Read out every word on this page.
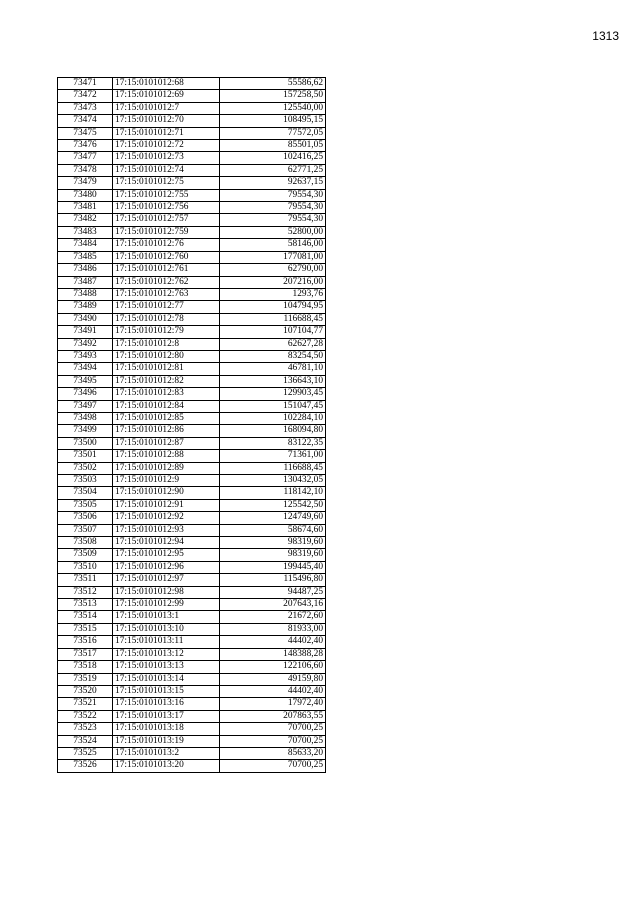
1313
73471	17:15:0101012:68	55586,62
73472	17:15:0101012:69	157258,50
73473	17:15:0101012:7	125540,00
73474	17:15:0101012:70	108495,15
73475	17:15:0101012:71	77572,05
73476	17:15:0101012:72	85501,05
73477	17:15:0101012:73	102416,25
73478	17:15:0101012:74	62771,25
73479	17:15:0101012:75	92637,15
73480	17:15:0101012:755	79554,30
73481	17:15:0101012:756	79554,30
73482	17:15:0101012:757	79554,30
73483	17:15:0101012:759	52800,00
73484	17:15:0101012:76	58146,00
73485	17:15:0101012:760	177081,00
73486	17:15:0101012:761	62790,00
73487	17:15:0101012:762	207216,00
73488	17:15:0101012:763	1293,76
73489	17:15:0101012:77	104794,95
73490	17:15:0101012:78	116688,45
73491	17:15:0101012:79	107104,77
73492	17:15:0101012:8	62627,28
73493	17:15:0101012:80	83254,50
73494	17:15:0101012:81	46781,10
73495	17:15:0101012:82	136643,10
73496	17:15:0101012:83	129903,45
73497	17:15:0101012:84	151047,45
73498	17:15:0101012:85	102284,10
73499	17:15:0101012:86	168094,80
73500	17:15:0101012:87	83122,35
73501	17:15:0101012:88	71361,00
73502	17:15:0101012:89	116688,45
73503	17:15:0101012:9	130432,05
73504	17:15:0101012:90	118142,10
73505	17:15:0101012:91	125542,50
73506	17:15:0101012:92	124749,60
73507	17:15:0101012:93	58674,60
73508	17:15:0101012:94	98319,60
73509	17:15:0101012:95	98319,60
73510	17:15:0101012:96	199445,40
73511	17:15:0101012:97	115496,80
73512	17:15:0101012:98	94487,25
73513	17:15:0101012:99	207643,16
73514	17:15:0101013:1	21672,60
73515	17:15:0101013:10	81933,00
73516	17:15:0101013:11	44402,40
73517	17:15:0101013:12	148388,28
73518	17:15:0101013:13	122106,60
73519	17:15:0101013:14	49159,80
73520	17:15:0101013:15	44402,40
73521	17:15:0101013:16	17972,40
73522	17:15:0101013:17	207863,55
73523	17:15:0101013:18	70700,25
73524	17:15:0101013:19	70700,25
73525	17:15:0101013:2	85633,20
73526	17:15:0101013:20	70700,25
